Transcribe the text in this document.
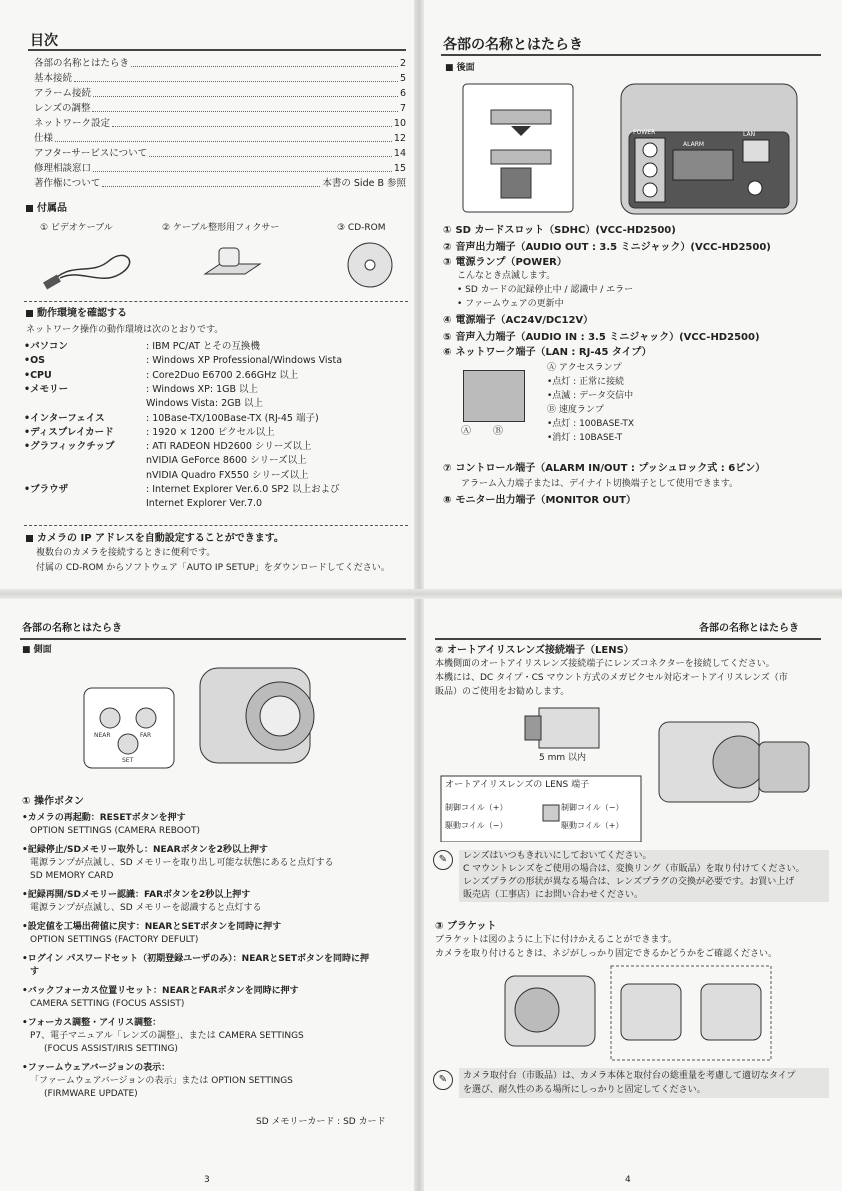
目次
各部の名称とはたらき	2
基本接続	5
アラーム接続	6
レンズの調整	7
ネットワーク設定	10
仕様	12
アフターサービスについて	14
修理相談窓口	15
著作権について	本書の Side B 参照
付属品
① ビデオケーブル	② ケーブル整形用フィクサー	③ CD-ROM
動作環境を確認する
ネットワーク操作の動作環境は次のとおりです。
•パソコン	: IBM PC/AT とその互換機
•OS	: Windows XP Professional/Windows Vista
•CPU	: Core2Duo E6700 2.66GHz 以上
•メモリー	: Windows XP: 1GB 以上
Windows Vista: 2GB 以上
•インターフェイス	: 10Base-TX/100Base-TX (RJ-45 端子)
•ディスプレイカード	: 1920 × 1200 ピクセル以上
•グラフィックチップ	: ATI RADEON HD2600 シリーズ以上
nVIDIA GeForce 8600 シリーズ以上
nVIDIA Quadro FX550 シリーズ以上
•ブラウザ	: Internet Explorer Ver.6.0 SP2 以上および
Internet Explorer Ver.7.0
カメラの IP アドレスを自動設定することができます。
複数台のカメラを接続するときに便利です。
付属の CD-ROM からソフトウェア「AUTO IP SETUP」をダウンロードしてください。
各部の名称とはたらき
■ 後面
ALARM
LAN
POWER
① SD カードスロット（SDHC）(VCC-HD2500)
② 音声出力端子（AUDIO OUT : 3.5 ミニジャック）(VCC-HD2500)
③ 電源ランプ（POWER）
④ 電源端子（AC24V/DC12V）
⑤ 音声入力端子（AUDIO IN : 3.5 ミニジャック）(VCC-HD2500)
⑥ ネットワーク端子（LAN : RJ-45 タイプ）
⑦ コントロール端子（ALARM IN/OUT : プッシュロック式 : 6ピン）
⑧ モニター出力端子（MONITOR OUT）
こんなとき点滅します。
• SD カードの記録停止中 / 認識中 / エラー
• ファームウェアの更新中
Ⓐ Ⓑ
Ⓐ アクセスランプ
•点灯 : 正常に接続
•点滅 : データ交信中
Ⓑ 速度ランプ
•点灯 : 100BASE-TX
•消灯 : 10BASE-T
アラーム入力端子または、デイナイト切換端子として使用できます。
各部の名称とはたらき
■ 側面
NEAR	FAR
SET
① 操作ボタン
•カメラの再起動：RESETボタンを押す
OPTION SETTINGS (CAMERA REBOOT)
•記録停止/SDメモリー取外し：NEARボタンを2秒以上押す
電源ランプが点滅し、SD メモリーを取り出し可能な状態にあると点灯する
SD MEMORY CARD
•記録再開/SDメモリー認識：FARボタンを2秒以上押す
電源ランプが点滅し、SD メモリーを認識すると点灯する
•設定値を工場出荷値に戻す：NEARとSETボタンを同時に押す
OPTION SETTINGS (FACTORY DEFULT)
•ログイン パスワードセット（初期登録ユーザのみ）：NEARとSETボタンを同時に押
す
•バックフォーカス位置リセット：NEARとFARボタンを同時に押す
CAMERA SETTING (FOCUS ASSIST)
•フォーカス調整・アイリス調整：
P7、電子マニュアル「レンズの調整」、または CAMERA SETTINGS
(FOCUS ASSIST/IRIS SETTING)
•ファームウェアバージョンの表示：
「ファームウェアバージョンの表示」または OPTION SETTINGS
(FIRMWARE UPDATE)
SD メモリーカード : SD カード
3
各部の名称とはたらき
② オートアイリスレンズ接続端子（LENS）
本機側面のオートアイリスレンズ接続端子にレンズコネクターを接続してください。
本機には、DC タイプ・CS マウント方式のメガピクセル対応オートアイリスレンズ（市
販品）のご使用をお勧めします。
5 mm 以内
オートアイリスレンズの LENS 端子
制御コイル（+）	制御コイル（−）
駆動コイル（−）	駆動コイル（+）
✎	レンズはいつもきれいにしておいてください。
C マウントレンズをご使用の場合は、変換リング（市販品）を取り付けてください。
レンズプラグの形状が異なる場合は、レンズプラグの交換が必要です。お買い上げ
販売店（工事店）にお問い合わせください。
③ ブラケット
ブラケットは図のように上下に付けかえることができます。
カメラを取り付けるときは、ネジがしっかり固定できるかどうかをご確認ください。
✎	カメラ取付台（市販品）は、カメラ本体と取付台の総重量を考慮して適切なタイプ
を選び、耐久性のある場所にしっかりと固定してください。
4
